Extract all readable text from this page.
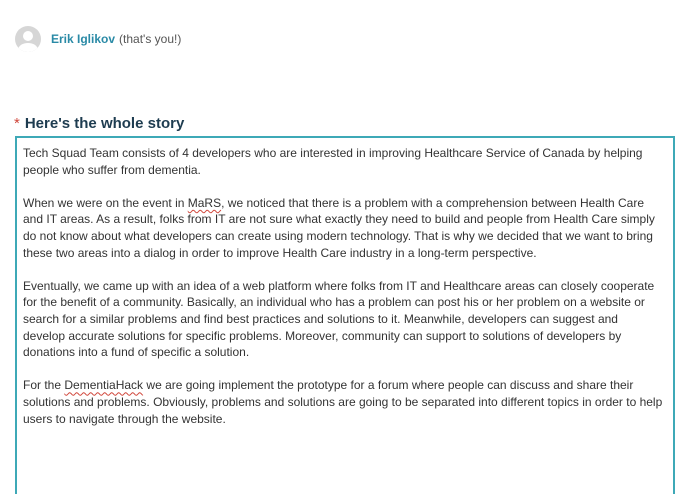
Erik Iglikov (that's you!)
* Here's the whole story

Tech Squad Team consists of 4 developers who are interested in improving Healthcare Service of Canada by helping people who suffer from dementia.

When we were on the event in MaRS, we noticed that there is a problem with a comprehension between Health Care and IT areas. As a result, folks from IT are not sure what exactly they need to build and people from Health Care simply do not know about what developers can create using modern technology. That is why we decided that we want to bring these two areas into a dialog in order to improve Health Care industry in a long-term perspective.

Eventually, we came up with an idea of a web platform where folks from IT and Healthcare areas can closely cooperate for the benefit of a community. Basically, an individual who has a problem can post his or her problem on a website or search for a similar problems and find best practices and solutions to it. Meanwhile, developers can suggest and develop accurate solutions for specific problems. Moreover, community can support to solutions of developers by donations into a fund of specific a solution.

For the DementiaHack we are going implement the prototype for a forum where people can discuss and share their solutions and problems. Obviously, problems and solutions are going to be separated into different topics in order to help users to navigate through the website.
